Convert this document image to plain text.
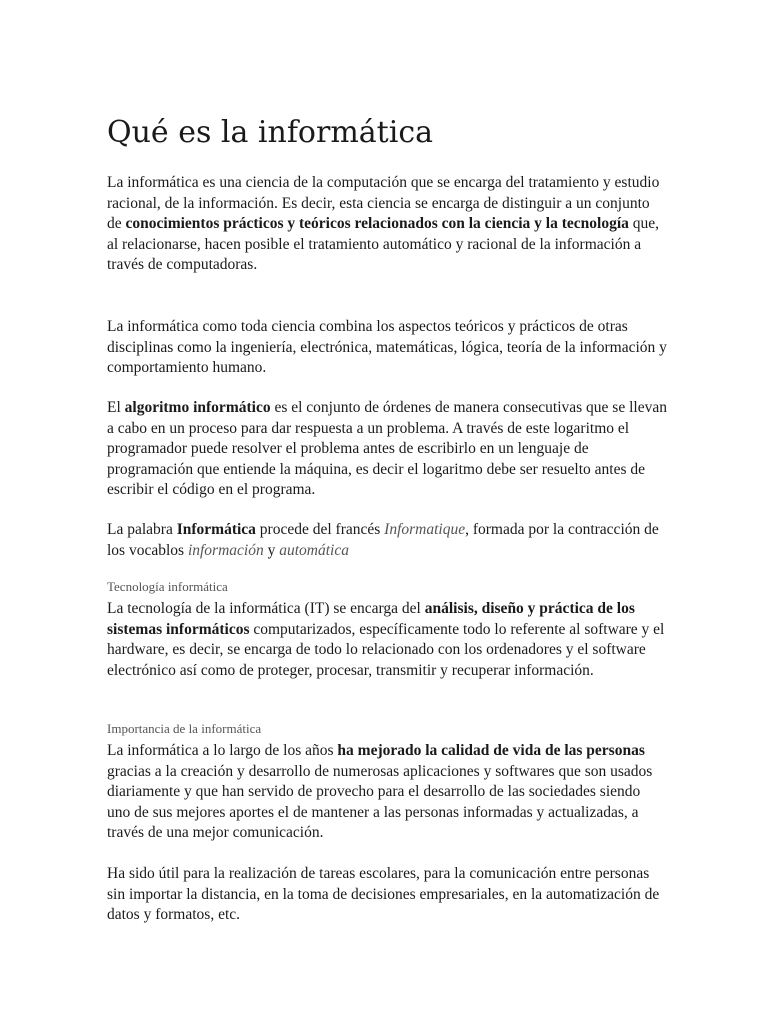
Qué es la informática

La informática es una ciencia de la computación que se encarga del tratamiento y estudio racional, de la información. Es decir, esta ciencia se encarga de distinguir a un conjunto de conocimientos prácticos y teóricos relacionados con la ciencia y la tecnología que, al relacionarse, hacen posible el tratamiento automático y racional de la información a través de computadoras.

La informática como toda ciencia combina los aspectos teóricos y prácticos de otras disciplinas como la ingeniería, electrónica, matemáticas, lógica, teoría de la información y comportamiento humano.

El algoritmo informático es el conjunto de órdenes de manera consecutivas que se llevan a cabo en un proceso para dar respuesta a un problema. A través de este logaritmo el programador puede resolver el problema antes de escribirlo en un lenguaje de programación que entiende la máquina, es decir el logaritmo debe ser resuelto antes de escribir el código en el programa.

La palabra Informática procede del francés Informatique, formada por la contracción de los vocablos información y automática

Tecnología informática

La tecnología de la informática (IT) se encarga del análisis, diseño y práctica de los sistemas informáticos computarizados, específicamente todo lo referente al software y el hardware, es decir, se encarga de todo lo relacionado con los ordenadores y el software electrónico así como de proteger, procesar, transmitir y recuperar información.

Importancia de la informática

La informática a lo largo de los años ha mejorado la calidad de vida de las personas gracias a la creación y desarrollo de numerosas aplicaciones y softwares que son usados diariamente y que han servido de provecho para el desarrollo de las sociedades siendo uno de sus mejores aportes el de mantener a las personas informadas y actualizadas, a través de una mejor comunicación.

Ha sido útil para la realización de tareas escolares, para la comunicación entre personas sin importar la distancia, en la toma de decisiones empresariales, en la automatización de datos y formatos, etc.
